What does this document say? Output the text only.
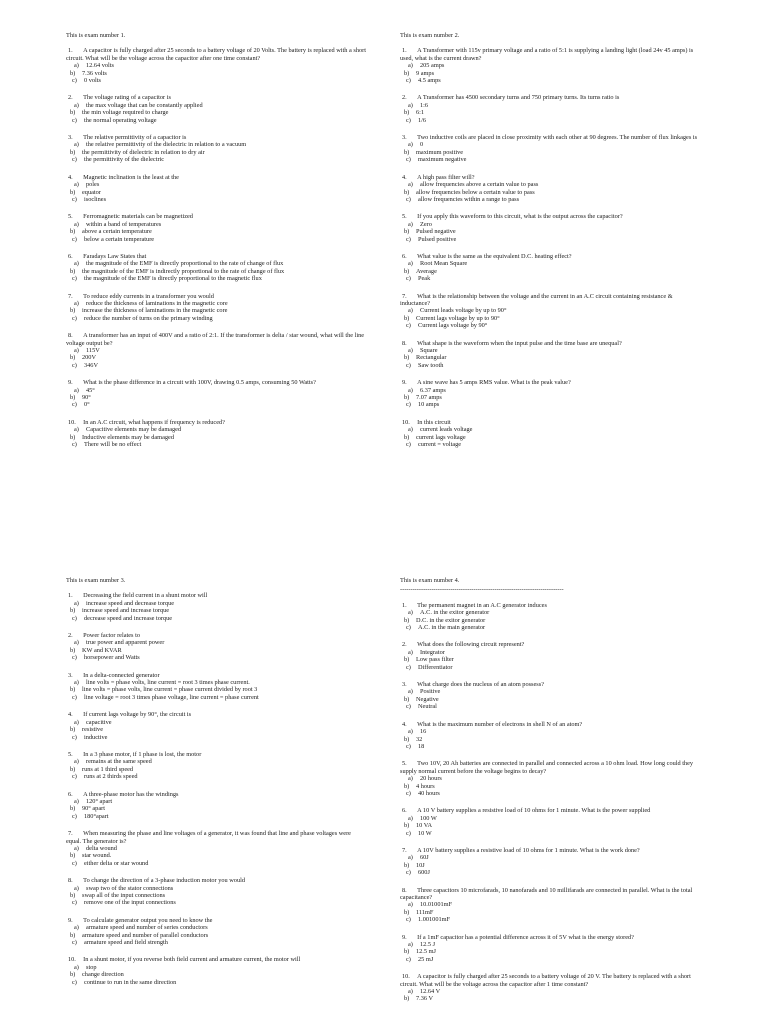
This is exam number 1.
1. A capacitor is fully charged after 25 seconds to a battery voltage of 20 Volts. The battery is replaced with a short circuit. What will be the voltage across the capacitor after one time constant?
a) 12.64 volts
b) 7.36 volts
c) 0 volts
2. The voltage rating of a capacitor is
a) the max voltage that can be constantly applied
b) the min voltage required to charge
c) the normal operating voltage
3. The relative permittivity of a capacitor is
a) the relative permittivity of the dielectric in relation to a vacuum
b) the permittivity of dielectric in relation to dry air
c) the permittivity of the dielectric
4. Magnetic inclination is the least at the
a) poles
b) equator
c) isoclines
5. Ferromagnetic materials can be magnetized
a) within a band of temperatures
b) above a certain temperature
c) below a certain temperature
6. Faradays Law States that
a) the magnitude of the EMF is directly proportional to the rate of change of flux
b) the magnitude of the EMF is indirectly proportional to the rate of change of flux
c) the magnitude of the EMF is directly proportional to the magnetic flux
7. To reduce eddy currents in a transformer you would
a) reduce the thickness of laminations in the magnetic core
b) increase the thickness of laminations in the magnetic core
c) reduce the number of turns on the primary winding
8. A transformer has an input of 400V and a ratio of 2:1. If the transformer is delta / star wound, what will the line voltage output be?
a) 115V
b) 200V
c) 346V
9. What is the phase difference in a circuit with 100V, drawing 0.5 amps, consuming 50 Watts?
a) 45°
b) 90°
c) 0°
10. In an A.C circuit, what happens if frequency is reduced?
a) Capacitive elements may be damaged
b) Inductive elements may be damaged
c) There will be no effect
This is exam number 2.
1. A Transformer with 115v primary voltage and a ratio of 5:1 is supplying a landing light (load 24v 45 amps) is used, what is the current drawn?
a) 205 amps
b) 9 amps
c) 4.5 amps
2. A Transformer has 4500 secondary turns and 750 primary turns. Its turns ratio is
a) 1:6
b) 6:1
c) 1/6
3. Two inductive coils are placed in close proximity with each other at 90 degrees. The number of flux linkages is
a) 0
b) maximum positive
c) maximum negative
4. A high pass filter will?
a) allow frequencies above a certain value to pass
b) allow frequencies below a certain value to pass
c) allow frequencies within a range to pass
5. If you apply this waveform to this circuit, what is the output across the capacitor?
a) Zero
b) Pulsed negative
c) Pulsed positive
6. What value is the same as the equivalent D.C. heating effect?
a) Root Mean Square
b) Average
c) Peak
7. What is the relationship between the voltage and the current in an A.C circuit containing resistance & inductance?
a) Current leads voltage by up to 90°
b) Current lags voltage by up to 90°
c) Current lags voltage by 90°
8. What shape is the waveform when the input pulse and the time base are unequal?
a) Square
b) Rectangular
c) Saw tooth
9. A sine wave has 5 amps RMS value. What is the peak value?
a) 6.37 amps
b) 7.07 amps
c) 10 amps
10. In this circuit
a) current leads voltage
b) current lags voltage
c) current = voltage
This is exam number 3.
1. Decreasing the field current in a shunt motor will
a) increase speed and decrease torque
b) increase speed and increase torque
c) decrease speed and increase torque
2. Power factor relates to
a) true power and apparent power
b) KW and KVAR
c) horsepower and Watts
3. In a delta-connected generator
a) line volts = phase volts, line current = root 3 times phase current.
b) line volts = phase volts, line current = phase current divided by root 3
c) line voltage = root 3 times phase voltage, line current = phase current
4. If current lags voltage by 90°, the circuit is
a) capacitive
b) resistive
c) inductive
5. In a 3 phase motor, if 1 phase is lost, the motor
a) remains at the same speed
b) runs at 1 third speed
c) runs at 2 thirds speed
6. A three-phase motor has the windings
a) 120° apart
b) 90° apart
c) 180°apart
7. When measuring the phase and line voltages of a generator, it was found that line and phase voltages were equal. The generator is?
a) delta wound
b) star wound.
c) either delta or star wound
8. To change the direction of a 3-phase induction motor you would
a) swap two of the stator connections
b) swap all of the input connections
c) remove one of the input connections
9. To calculate generator output you need to know the
a) armature speed and number of series conductors
b) armature speed and number of parallel conductors
c) armature speed and field strength
10. In a shunt motor, if you reverse both field current and armature current, the motor will
a) stop
b) change direction
c) continue to run in the same direction
This is exam number 4.
------------------------------------------------------------------------------
1. The permanent magnet in an A.C generator induces
a) A.C. in the exitor generator
b) D.C. in the exitor generator
c) A.C. in the main generator
2. What does the following circuit represent?
a) Integrator
b) Low pass filter
c) Differentiator
3. What charge does the nucleus of an atom possess?
a) Positive
b) Negative
c) Neutral
4. What is the maximum number of electrons in shell N of an atom?
a) 16
b) 32
c) 18
5. Two 10V, 20 Ah batteries are connected in parallel and connected across a 10 ohm load. How long could they supply normal current before the voltage begins to decay?
a) 20 hours
b) 4 hours
c) 40 hours
6. A 10 V battery supplies a resistive load of 10 ohms for 1 minute. What is the power supplied
a) 100 W
b) 10 VA
c) 10 W
7. A 10V battery supplies a resistive load of 10 ohms for 1 minute. What is the work done?
a) 60J
b) 10J
c) 600J
8. Three capacitors 10 microfarads, 10 nanofarads and 10 millifarads are connected in parallel. What is the total capacitance?
a) 10.01001mF
b) 111mF
c) 1.001001mF
9. If a 1mF capacitor has a potential difference across it of 5V what is the energy stored?
a) 12.5 J
b) 12.5 mJ
c) 25 mJ
10. A capacitor is fully charged after 25 seconds to a battery voltage of 20 V. The battery is replaced with a short circuit. What will be the voltage across the capacitor after 1 time constant?
a) 12.64 V
b) 7.36 V
